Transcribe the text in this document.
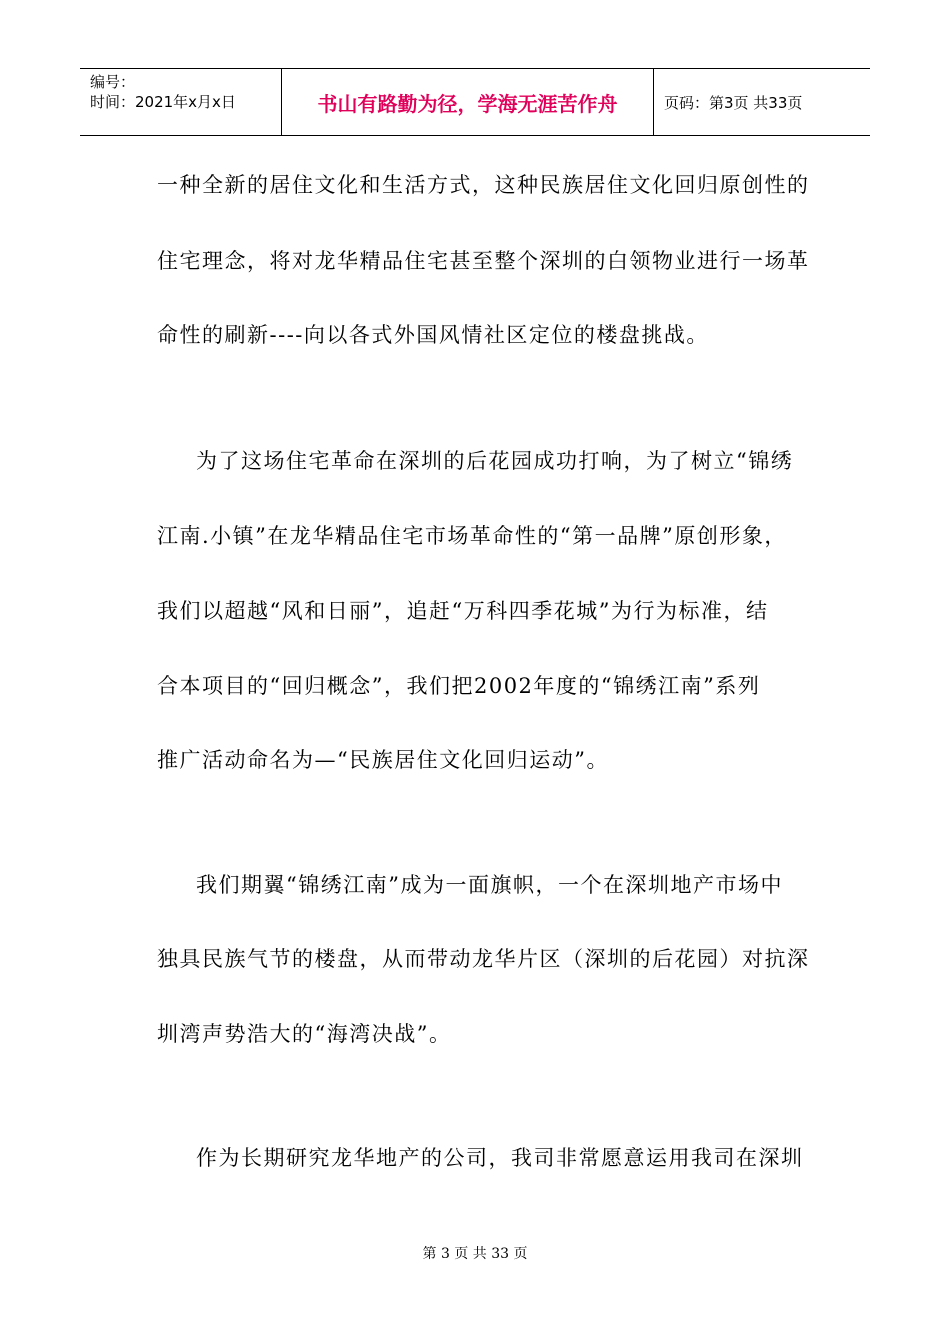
编号：
时间：2021年x月x日	书山有路勤为径，学海无涯苦作舟	页码：第3页 共33页
一种全新的居住文化和生活方式，这种民族居住文化回归原创性的
住宅理念，将对龙华精品住宅甚至整个深圳的白领物业进行一场革
命性的刷新----向以各式外国风情社区定位的楼盘挑战。
为了这场住宅革命在深圳的后花园成功打响，为了树立“锦绣
江南.小镇”在龙华精品住宅市场革命性的“第一品牌”原创形象，
我们以超越“风和日丽”，追赶“万科四季花城”为行为标准，结
合本项目的“回归概念”，我们把2002年度的“锦绣江南”系列
推广活动命名为—“民族居住文化回归运动”。
我们期翼“锦绣江南”成为一面旗帜，一个在深圳地产市场中
独具民族气节的楼盘，从而带动龙华片区（深圳的后花园）对抗深
圳湾声势浩大的“海湾决战”。
作为长期研究龙华地产的公司，我司非常愿意运用我司在深圳
第 3 页 共 33 页
